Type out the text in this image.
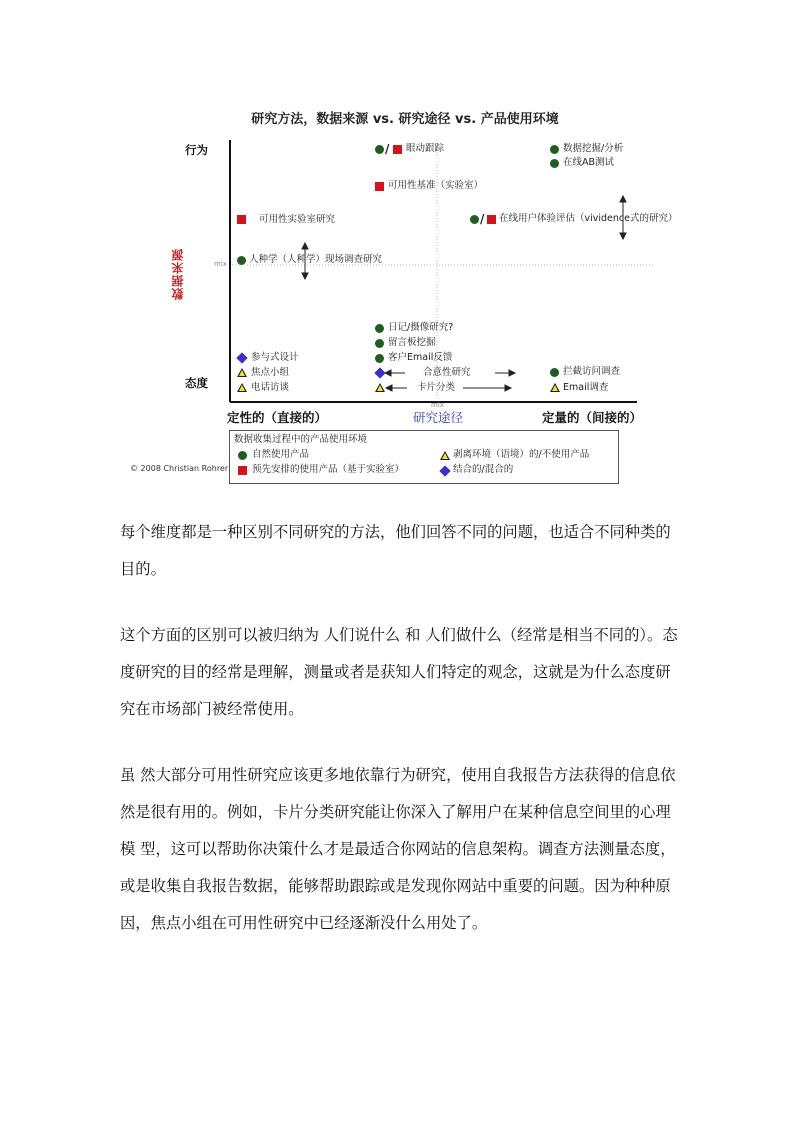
研究方法，数据来源 vs. 研究途径 vs. 产品使用环境
行为
态度
数据来源	mix
mix
/ 眼动跟踪	数据挖掘/分析
在线AB测试
可用性基准（实验室）
可用性实验室研究	/ 在线用户体验评估（vividence式的研究）
人种学（人种学）现场调查研究
日记/摄像研究?
留言板挖掘
客户Email反馈
合意性研究
卡片分类
参与式设计
焦点小组
电话访谈
拦截访问调查
Email调查
定性的（直接的）	研究途径	定量的（间接的）
数据收集过程中的产品使用环境
自然使用产品	剥离环境（语境）的/不使用产品
预先安排的使用产品（基于实验室）	结合的/混合的
© 2008 Christian Rohrer
每个维度都是一种区别不同研究的方法，他们回答不同的问题，也适合不同种类的目的。
这个方面的区别可以被归纳为 人们说什么 和 人们做什么（经常是相当不同的）。态度研究的目的经常是理解，测量或者是获知人们特定的观念，这就是为什么态度研究在市场部门被经常使用。
虽 然大部分可用性研究应该更多地依靠行为研究，使用自我报告方法获得的信息依然是很有用的。例如，卡片分类研究能让你深入了解用户在某种信息空间里的心理模 型，这可以帮助你决策什么才是最适合你网站的信息架构。调查方法测量态度，或是收集自我报告数据，能够帮助跟踪或是发现你网站中重要的问题。因为种种原因，焦点小组在可用性研究中已经逐渐没什么用处了。
